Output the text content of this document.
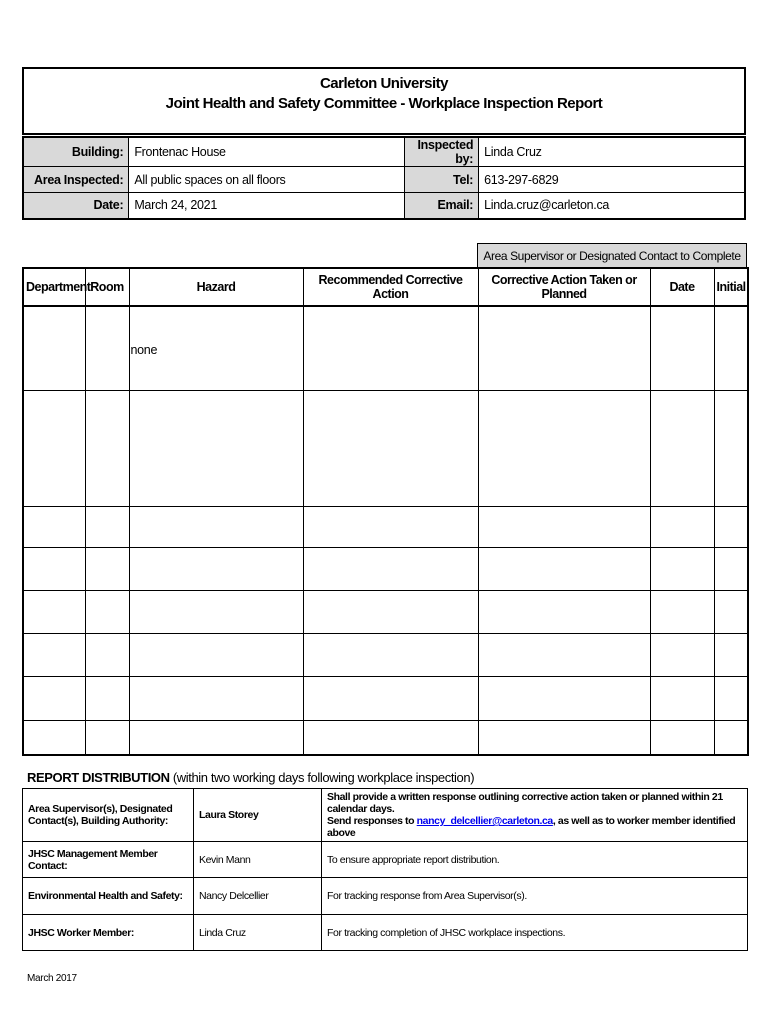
Carleton University
Joint Health and Safety Committee - Workplace Inspection Report
Building:	Frontenac House	Inspected by:	Linda Cruz
Area Inspected:	All public spaces on all floors	Tel:	613-297-6829
Date:	March 24, 2021	Email:	Linda.cruz@carleton.ca
Area Supervisor or Designated Contact to Complete
Department	Room	Hazard	Recommended Corrective Action	Corrective Action Taken or Planned	Date	Initial
		none				

REPORT DISTRIBUTION (within two working days following workplace inspection)
Area Supervisor(s), Designated Contact(s), Building Authority:	Laura Storey	Shall provide a written response outlining corrective action taken or planned within 21 calendar days.
Send responses to nancy_delcellier@carleton.ca, as well as to worker member identified above

JHSC Management Member Contact:	Kevin Mann	To ensure appropriate report distribution.
Environmental Health and Safety:	Nancy Delcellier	For tracking response from Area Supervisor(s).
JHSC Worker Member:	Linda Cruz	For tracking completion of JHSC workplace inspections.
March 2017
